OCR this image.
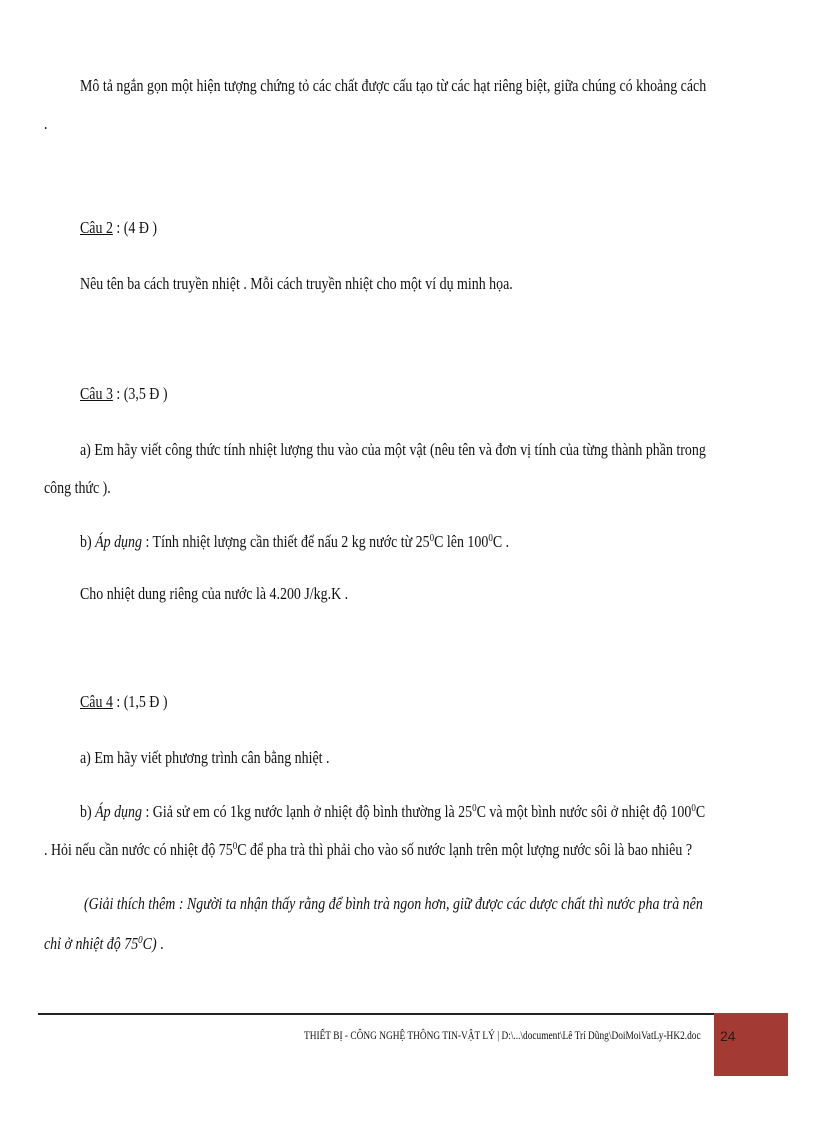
Mô tả ngắn gọn một hiện tượng chứng tỏ các chất được cấu tạo từ các hạt riêng biệt, giữa chúng có khoảng cách
.
Câu 2 : (4 Đ )
Nêu tên ba cách truyền nhiệt . Mỗi cách truyền nhiệt cho một ví dụ minh họa.
Câu 3 : (3,5 Đ )
a) Em hãy viết công thức tính nhiệt lượng thu vào của một vật (nêu tên và đơn vị tính của từng thành phần trong
công thức ).
b) Áp dụng : Tính nhiệt lượng cần thiết để nấu 2 kg nước từ $25^0C$ lên $100^0C$ .
Cho nhiệt dung riêng của nước là 4.200 J/kg.K .
Câu 4 : (1,5 Đ )
a) Em hãy viết phương trình cân bằng nhiệt .
b) Áp dụng : Giả sử em có 1kg nước lạnh ở nhiệt độ bình thường là $25^0C$ và một bình nước sôi ở nhiệt độ $100^0C$
. Hỏi nếu cần nước có nhiệt độ $75^0C$ để pha trà thì phải cho vào số nước lạnh trên một lượng nước sôi là bao nhiêu ?
(Giải thích thêm : Người ta nhận thấy rằng để bình trà ngon hơn, giữ được các dược chất thì nước pha trà nên
chỉ ở nhiệt độ $75^0C$) .
THIẾT BỊ - CÔNG NGHỆ THÔNG TIN-VẬT LÝ | D:\...\document\Lê Trí Dũng\DoiMoiVatLy-HK2.doc 24
